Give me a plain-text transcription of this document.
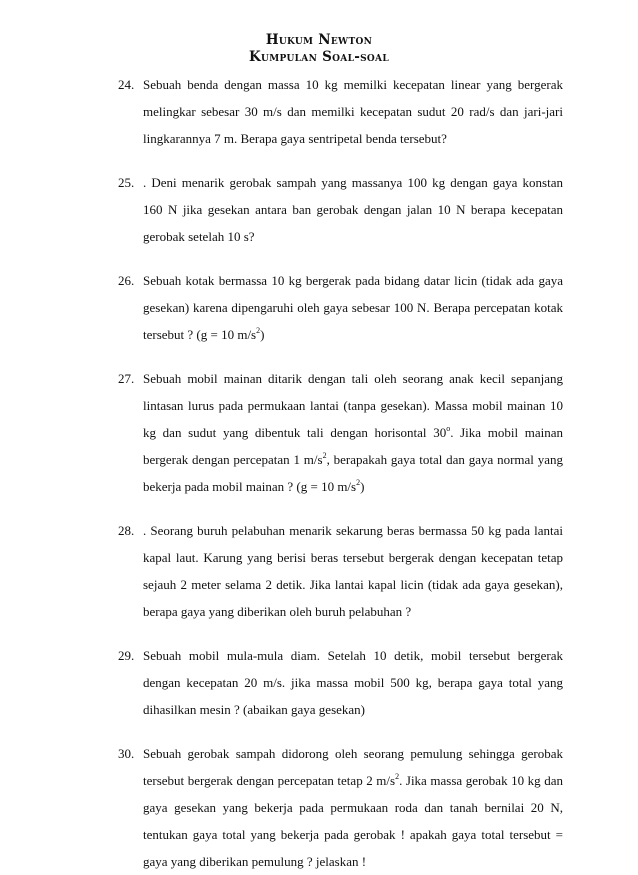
Hukum Newton
Kumpulan Soal-soal
24. Sebuah benda dengan massa 10 kg memilki kecepatan linear yang bergerak melingkar sebesar 30 m/s dan memilki kecepatan sudut 20 rad/s dan jari-jari lingkarannya 7 m. Berapa gaya sentripetal benda tersebut?
25. . Deni menarik gerobak sampah yang massanya 100 kg dengan gaya konstan 160 N jika gesekan antara ban gerobak dengan jalan 10 N berapa kecepatan gerobak setelah 10 s?
26. Sebuah kotak bermassa 10 kg bergerak pada bidang datar licin (tidak ada gaya gesekan) karena dipengaruhi oleh gaya sebesar 100 N. Berapa percepatan kotak tersebut ? (g = 10 $m/s^2$)
27. Sebuah mobil mainan ditarik dengan tali oleh seorang anak kecil sepanjang lintasan lurus pada permukaan lantai (tanpa gesekan). Massa mobil mainan 10 kg dan sudut yang dibentuk tali dengan horisontal 30$^o$. Jika mobil mainan bergerak dengan percepatan 1 $m/s^2$, berapakah gaya total dan gaya normal yang bekerja pada mobil mainan ? (g = 10 $m/s^2$)
28. . Seorang buruh pelabuhan menarik sekarung beras bermassa 50 kg pada lantai kapal laut. Karung yang berisi beras tersebut bergerak dengan kecepatan tetap sejauh 2 meter selama 2 detik. Jika lantai kapal licin (tidak ada gaya gesekan), berapa gaya yang diberikan oleh buruh pelabuhan ?
29. Sebuah mobil mula-mula diam. Setelah 10 detik, mobil tersebut bergerak dengan kecepatan 20 m/s. jika massa mobil 500 kg, berapa gaya total yang dihasilkan mesin ? (abaikan gaya gesekan)
30. Sebuah gerobak sampah didorong oleh seorang pemulung sehingga gerobak tersebut bergerak dengan percepatan tetap 2 $m/s^2$. Jika massa gerobak 10 kg dan gaya gesekan yang bekerja pada permukaan roda dan tanah bernilai 20 N, tentukan gaya total yang bekerja pada gerobak ! apakah gaya total tersebut = gaya yang diberikan pemulung ? jelaskan !
